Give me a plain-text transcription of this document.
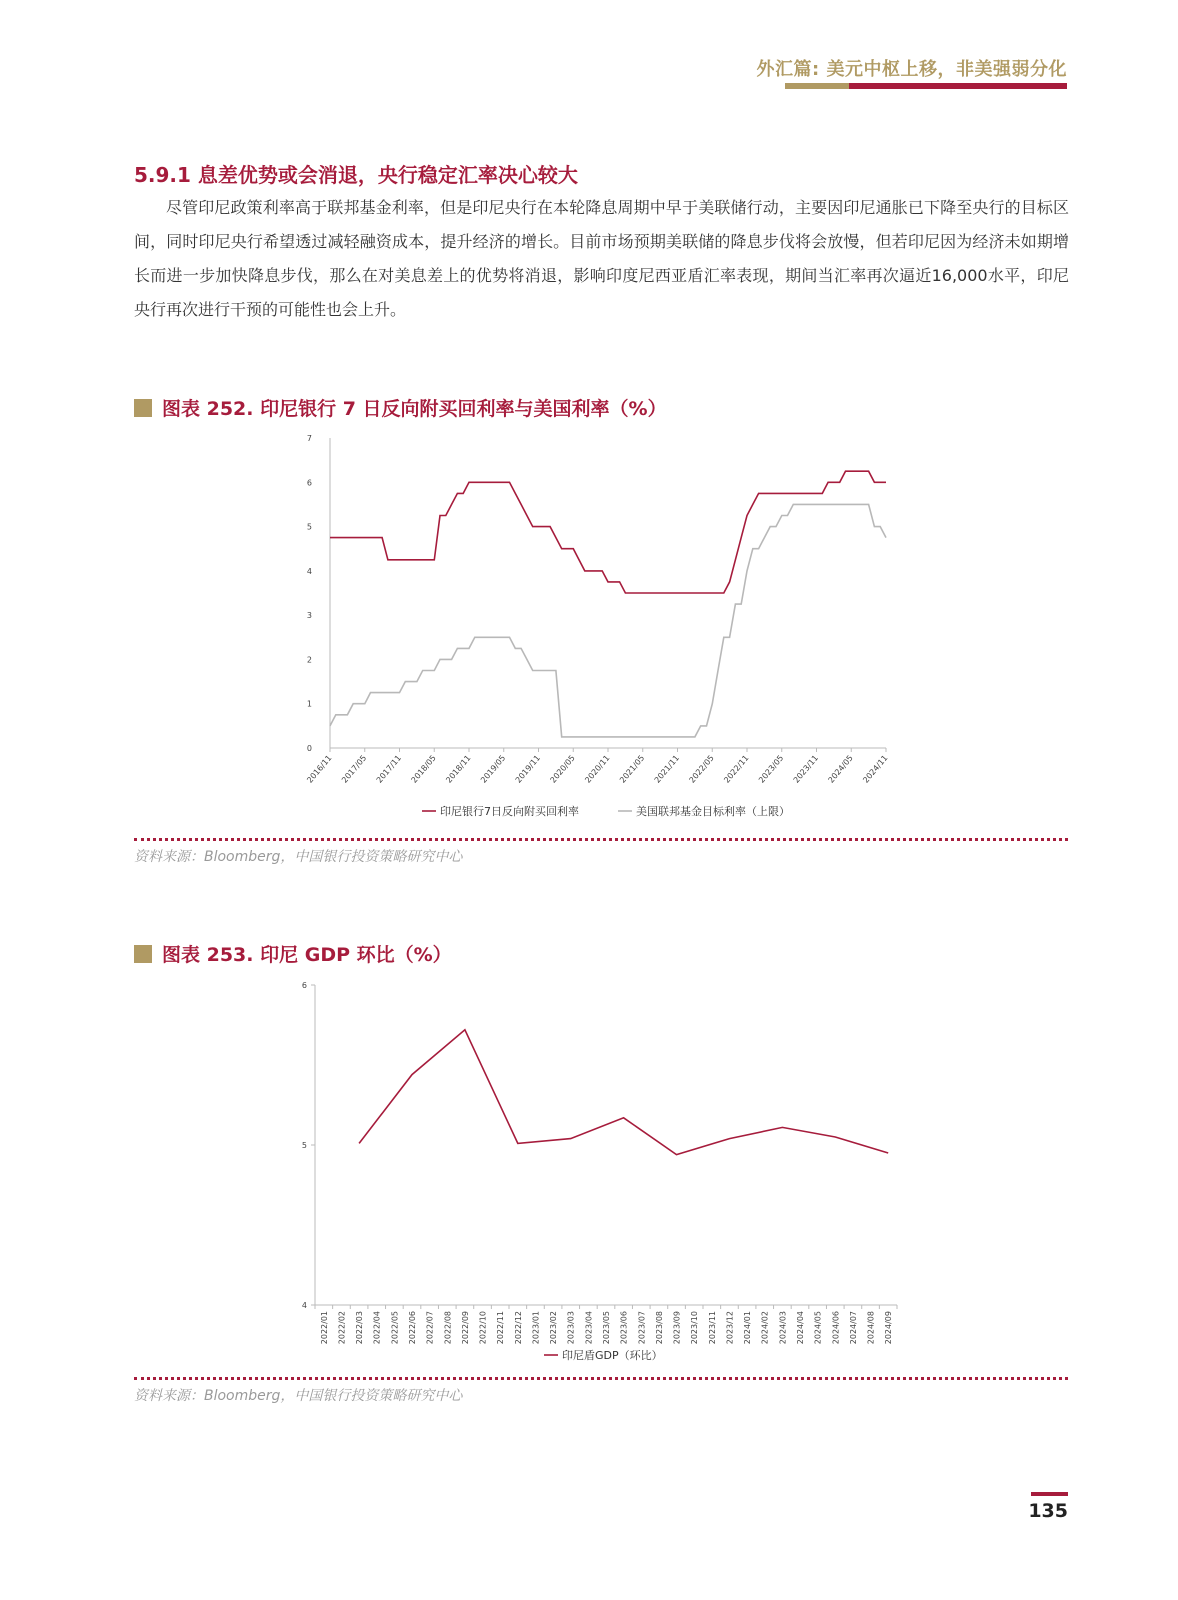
外汇篇: 美元中枢上移，非美强弱分化
5.9.1 息差优势或会消退，央行稳定汇率决心较大

尽管印尼政策利率高于联邦基金利率，但是印尼央行在本轮降息周期中早于美联储行动，主要因印尼通胀已下降至央行的目标区间，同时印尼央行希望透过减轻融资成本，提升经济的增长。目前市场预期美联储的降息步伐将会放慢，但若印尼因为经济未如期增长而进一步加快降息步伐，那么在对美息差上的优势将消退，影响印度尼西亚盾汇率表现，期间当汇率再次逼近16,000水平，印尼央行再次进行干预的可能性也会上升。

图表 252. 印尼银行 7 日反向附买回利率与美国利率（%）
0
1
2
3
4
5
6
7
2016/11 2017/05 2017/11 2018/05 2018/11 2019/05 2019/11 2020/05 2020/11 2021/05 2021/11 2022/05 2022/11 2023/05 2023/11 2024/05 2024/11
印尼银行7日反向附买回利率	美国联邦基金目标利率（上限）
资料来源：Bloomberg，中国银行投资策略研究中心
图表 253. 印尼 GDP 环比（%）
4
5
6
2022/01 2022/02 2022/03 2022/04 2022/05 2022/06 2022/07 2022/08 2022/09 2022/10 2022/11 2022/12 2023/01 2023/02 2023/03 2023/04 2023/05 2023/06 2023/07 2023/08 2023/09 2023/10 2023/11 2023/12 2024/01 2024/02 2024/03 2024/04 2024/05 2024/06 2024/07 2024/08 2024/09
印尼盾GDP（环比）
资料来源：Bloomberg，中国银行投资策略研究中心
135
